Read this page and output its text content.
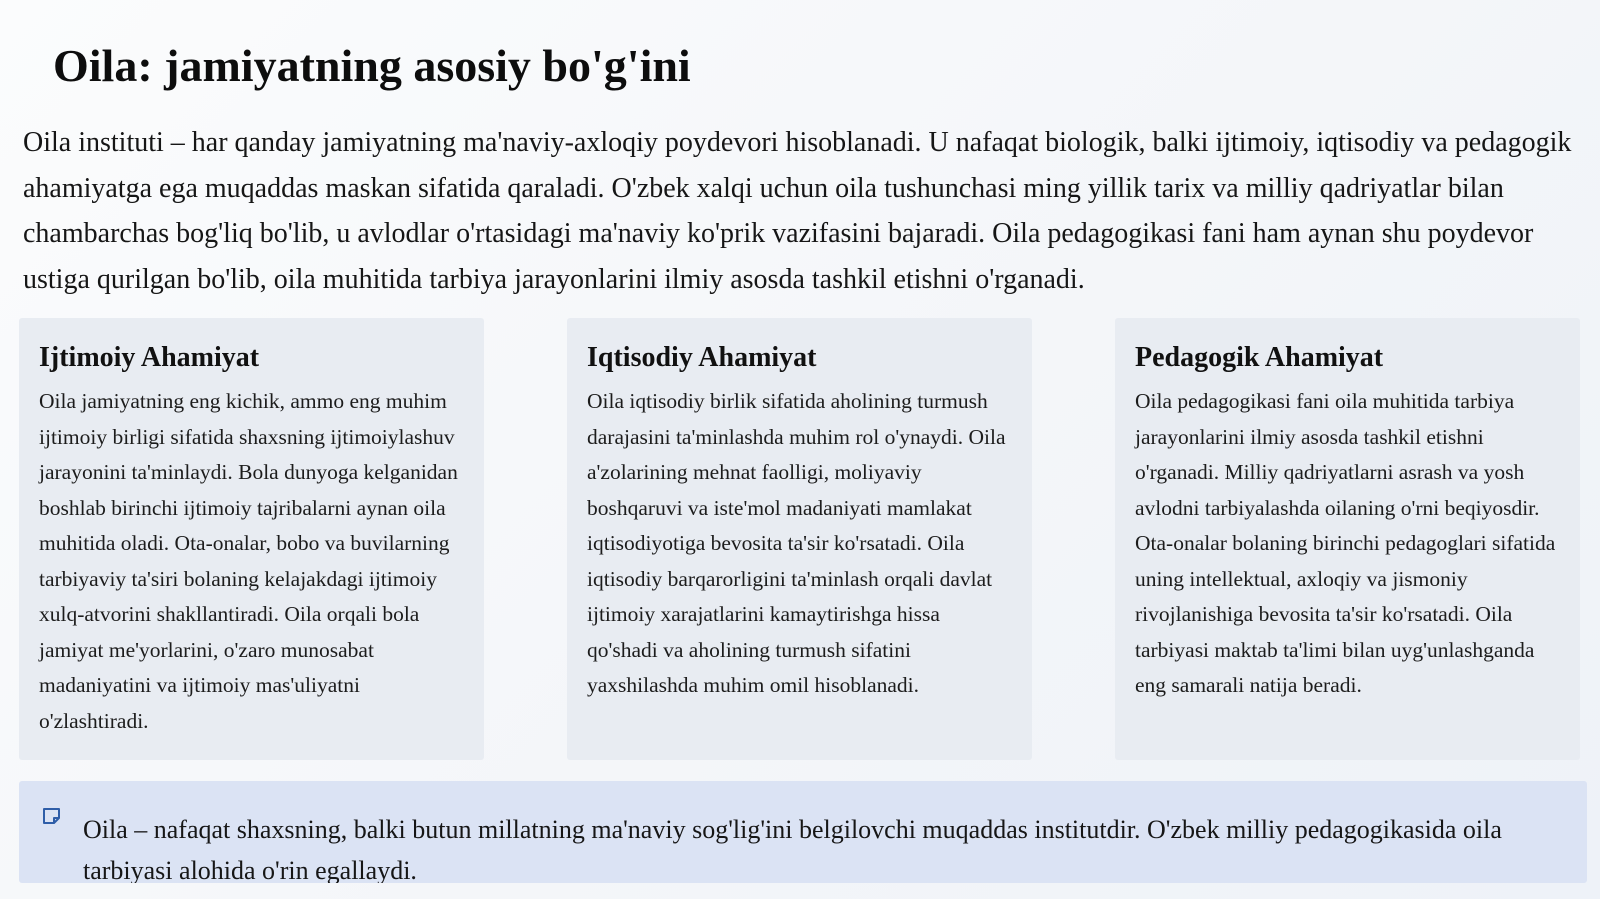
Oila: jamiyatning asosiy bo'g'ini

Oila instituti – har qanday jamiyatning ma'naviy-axloqiy poydevori hisoblanadi. U nafaqat biologik, balki ijtimoiy, iqtisodiy va pedagogik ahamiyatga ega muqaddas maskan sifatida qaraladi. O'zbek xalqi uchun oila tushunchasi ming yillik tarix va milliy qadriyatlar bilan chambarchas bog'liq bo'lib, u avlodlar o'rtasidagi ma'naviy ko'prik vazifasini bajaradi. Oila pedagogikasi fani ham aynan shu poydevor ustiga qurilgan bo'lib, oila muhitida tarbiya jarayonlarini ilmiy asosda tashkil etishni o'rganadi.

Ijtimoiy Ahamiyat

Oila jamiyatning eng kichik, ammo eng muhim ijtimoiy birligi sifatida shaxsning ijtimoiylashuv jarayonini ta'minlaydi. Bola dunyoga kelganidan boshlab birinchi ijtimoiy tajribalarni aynan oila muhitida oladi. Ota-onalar, bobo va buvilarning tarbiyaviy ta'siri bolaning kelajakdagi ijtimoiy xulq-atvorini shakllantiradi. Oila orqali bola jamiyat me'yorlarini, o'zaro munosabat madaniyatini va ijtimoiy mas'uliyatni o'zlashtiradi.

Iqtisodiy Ahamiyat

Oila iqtisodiy birlik sifatida aholining turmush darajasini ta'minlashda muhim rol o'ynaydi. Oila a'zolarining mehnat faolligi, moliyaviy boshqaruvi va iste'mol madaniyati mamlakat iqtisodiyotiga bevosita ta'sir ko'rsatadi. Oila iqtisodiy barqarorligini ta'minlash orqali davlat ijtimoiy xarajatlarini kamaytirishga hissa qo'shadi va aholining turmush sifatini yaxshilashda muhim omil hisoblanadi.

Pedagogik Ahamiyat

Oila pedagogikasi fani oila muhitida tarbiya jarayonlarini ilmiy asosda tashkil etishni o'rganadi. Milliy qadriyatlarni asrash va yosh avlodni tarbiyalashda oilaning o'rni beqiyosdir. Ota-onalar bolaning birinchi pedagoglari sifatida uning intellektual, axloqiy va jismoniy rivojlanishiga bevosita ta'sir ko'rsatadi. Oila tarbiyasi maktab ta'limi bilan uyg'unlashganda eng samarali natija beradi.

Oila – nafaqat shaxsning, balki butun millatning ma'naviy sog'lig'ini belgilovchi muqaddas institutdir. O'zbek milliy pedagogikasida oila tarbiyasi alohida o'rin egallaydi.
